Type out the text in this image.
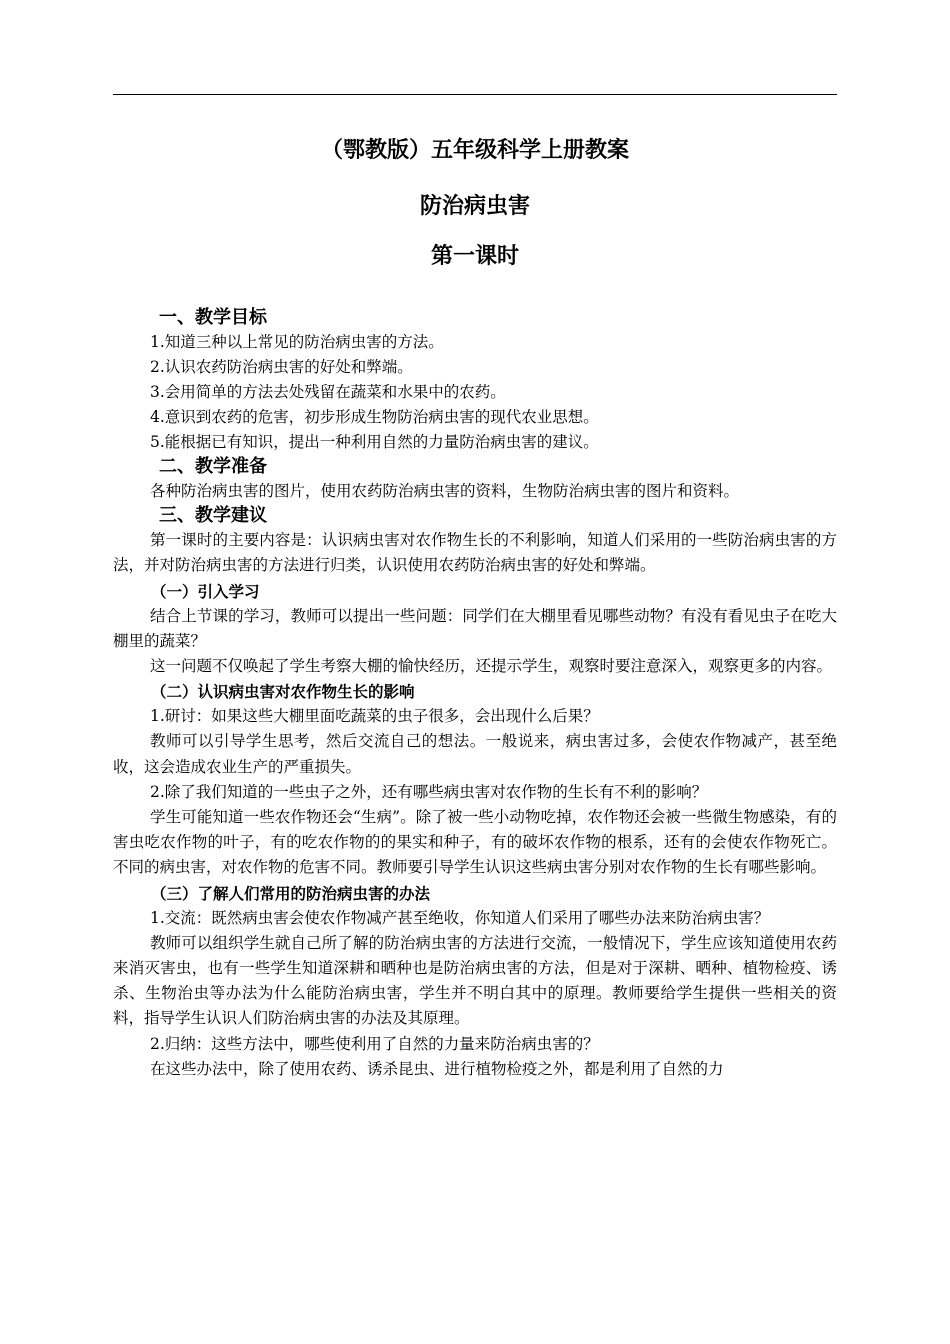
（鄂教版）五年级科学上册教案

防治病虫害

第一课时

一、教学目标

1.知道三种以上常见的防治病虫害的方法。

2.认识农药防治病虫害的好处和弊端。

3.会用简单的方法去处残留在蔬菜和水果中的农药。

4.意识到农药的危害，初步形成生物防治病虫害的现代农业思想。

5.能根据已有知识，提出一种利用自然的力量防治病虫害的建议。

二、教学准备

各种防治病虫害的图片，使用农药防治病虫害的资料，生物防治病虫害的图片和资料。

三、教学建议

第一课时的主要内容是：认识病虫害对农作物生长的不利影响，知道人们采用的一些防治病虫害的方法，并对防治病虫害的方法进行归类，认识使用农药防治病虫害的好处和弊端。

（一）引入学习

结合上节课的学习，教师可以提出一些问题：同学们在大棚里看见哪些动物？有没有看见虫子在吃大棚里的蔬菜？

这一问题不仅唤起了学生考察大棚的愉快经历，还提示学生，观察时要注意深入，观察更多的内容。

（二）认识病虫害对农作物生长的影响

1.研讨：如果这些大棚里面吃蔬菜的虫子很多，会出现什么后果？

教师可以引导学生思考，然后交流自己的想法。一般说来，病虫害过多，会使农作物减产，甚至绝收，这会造成农业生产的严重损失。

2.除了我们知道的一些虫子之外，还有哪些病虫害对农作物的生长有不利的影响？

学生可能知道一些农作物还会“生病”。除了被一些小动物吃掉，农作物还会被一些微生物感染，有的害虫吃农作物的叶子，有的吃农作物的的果实和种子，有的破坏农作物的根系，还有的会使农作物死亡。不同的病虫害，对农作物的危害不同。教师要引导学生认识这些病虫害分别对农作物的生长有哪些影响。

（三）了解人们常用的防治病虫害的办法

1.交流：既然病虫害会使农作物减产甚至绝收，你知道人们采用了哪些办法来防治病虫害？

教师可以组织学生就自己所了解的防治病虫害的方法进行交流，一般情况下，学生应该知道使用农药来消灭害虫，也有一些学生知道深耕和晒种也是防治病虫害的方法，但是对于深耕、晒种、植物检疫、诱杀、生物治虫等办法为什么能防治病虫害，学生并不明白其中的原理。教师要给学生提供一些相关的资料，指导学生认识人们防治病虫害的办法及其原理。

2.归纳：这些方法中，哪些使利用了自然的力量来防治病虫害的？

在这些办法中，除了使用农药、诱杀昆虫、进行植物检疫之外，都是利用了自然的力
